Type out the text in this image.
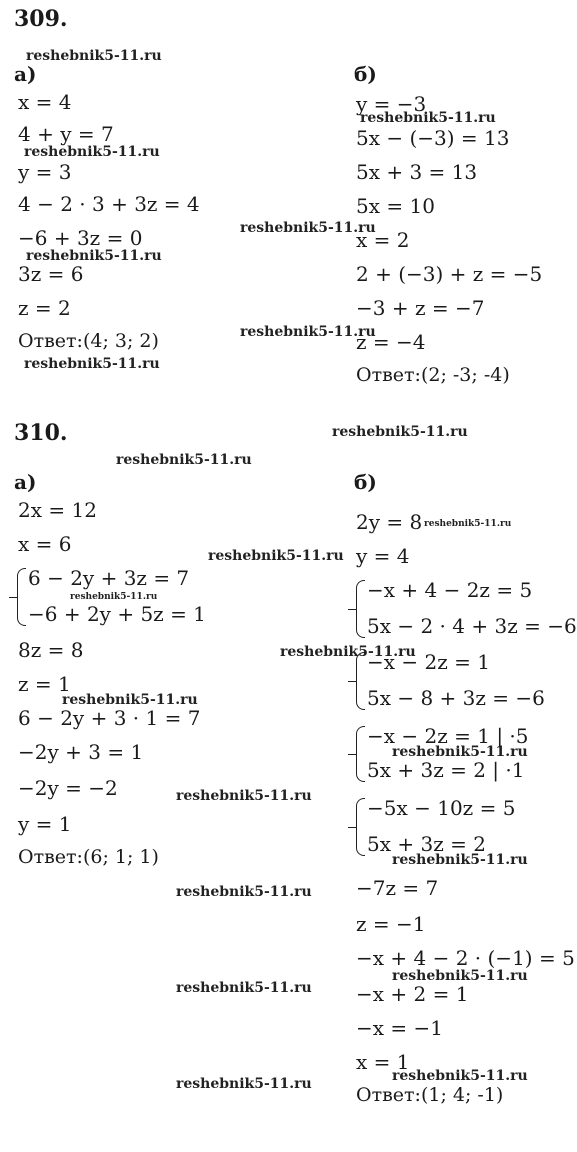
309.
а)	б)
x = 4
4 + y = 7
y = 3
4 − 2 · 3 + 3z = 4
−6 + 3z = 0
3z = 6
z = 2
Ответ:(4; 3; 2)
y = −3
5x − (−3) = 13
5x + 3 = 13
5x = 10
x = 2
2 + (−3) + z = −5
−3 + z = −7
z = −4
Ответ:(2; -3; -4)
310.
а)	б)
2x = 12
x = 6
6 − 2y + 3z = 7
−6 + 2y + 5z = 1
8z = 8
z = 1
6 − 2y + 3 · 1 = 7
−2y + 3 = 1
−2y = −2
y = 1
Ответ:(6; 1; 1)
2y = 8
y = 4
−x + 4 − 2z = 5
5x − 2 · 4 + 3z = −6
−x − 2z = 1
5x − 8 + 3z = −6
−x − 2z = 1 | ·5
5x + 3z = 2 | ·1
−5x − 10z = 5
5x + 3z = 2
−7z = 7
z = −1
−x + 4 − 2 · (−1) = 5
−x + 2 = 1
−x = −1
x = 1
Ответ:(1; 4; -1)
reshebnik5-11.ru
reshebnik5-11.ru
reshebnik5-11.ru
reshebnik5-11.ru
reshebnik5-11.ru
reshebnik5-11.ru
reshebnik5-11.ru
reshebnik5-11.ru
reshebnik5-11.ru
reshebnik5-11.ru
reshebnik5-11.ru
reshebnik5-11.ru
reshebnik5-11.ru
reshebnik5-11.ru
reshebnik5-11.ru
reshebnik5-11.ru
reshebnik5-11.ru
reshebnik5-11.ru
reshebnik5-11.ru
reshebnik5-11.ru
reshebnik5-11.ru	reshebnik5-11.ru
